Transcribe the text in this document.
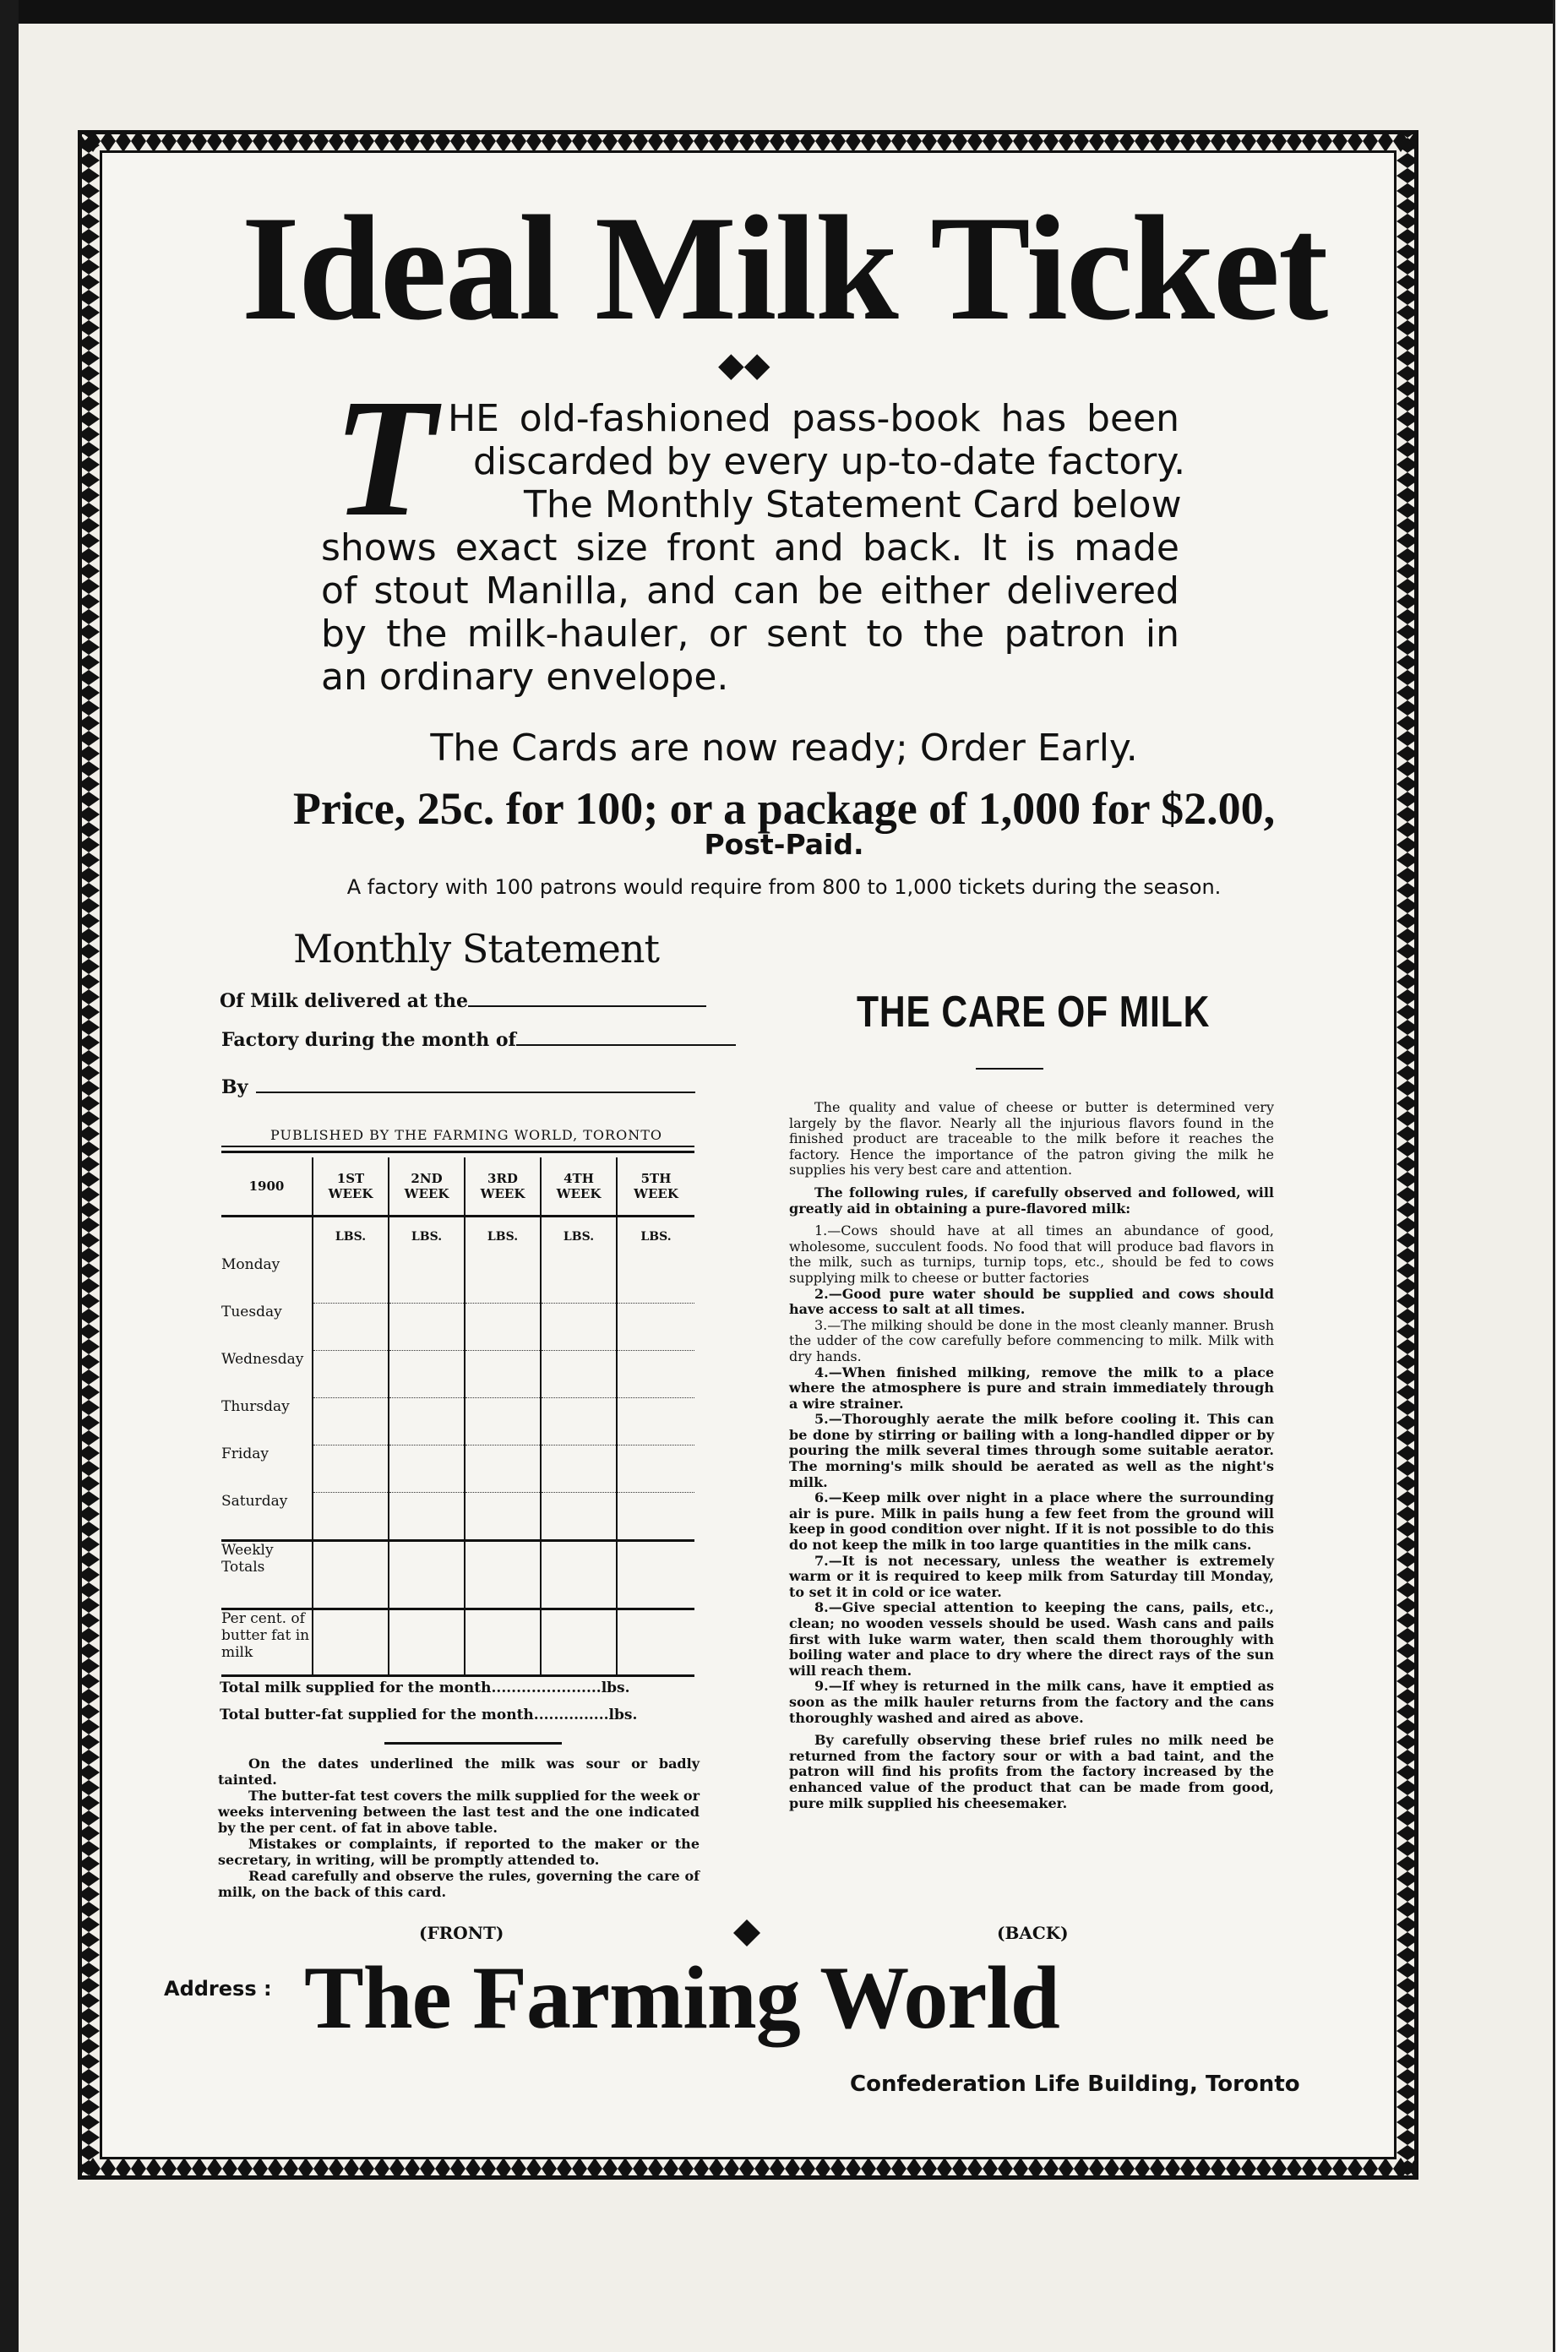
Ideal Milk Ticket
◆◆
T HE old-fashioned pass-book has been
discarded by every up-to-date factory.
The Monthly Statement Card below
shows exact size front and back. It is made
of stout Manilla, and can be either delivered
by the milk-hauler, or sent to the patron in
an ordinary envelope.
The Cards are now ready; Order Early.
Price, 25c. for 100; or a package of 1,000 for $2.00,
Post-Paid.
A factory with 100 patrons would require from 800 to 1,000 tickets during the season.
Monthly Statement
Of Milk delivered at the
Factory during the month of
By
PUBLISHED BY THE FARMING WORLD, TORONTO
1900	1ST WEEK	2ND WEEK	3RD WEEK	4TH WEEK	5TH WEEK
	LBS.	LBS.	LBS.	LBS.	LBS.
Monday					
Tuesday					
Wednesday					
Thursday					
Friday					
Saturday					
Weekly Totals					
Per cent. of butter fat in milk					
Total milk supplied for the month......................lbs.
Total butter-fat supplied for the month...............lbs.

On the dates underlined the milk was sour or badly tainted.

The butter-fat test covers the milk supplied for the week or weeks intervening between the last test and the one indicated by the per cent. of fat in above table.

Mistakes or complaints, if reported to the maker or the secretary, in writing, will be promptly attended to.

Read carefully and observe the rules, governing the care of milk, on the back of this card.

(FRONT)
THE CARE OF MILK

The quality and value of cheese or butter is determined very largely by the flavor. Nearly all the injurious flavors found in the finished product are traceable to the milk before it reaches the factory. Hence the importance of the patron giving the milk he supplies his very best care and attention.

The following rules, if carefully observed and followed, will greatly aid in obtaining a pure-flavored milk:

1.—Cows should have at all times an abundance of good, wholesome, succulent foods. No food that will produce bad flavors in the milk, such as turnips, turnip tops, etc., should be fed to cows supplying milk to cheese or butter factories

2.—Good pure water should be supplied and cows should have access to salt at all times.

3.—The milking should be done in the most cleanly manner. Brush the udder of the cow carefully before commencing to milk. Milk with dry hands.

4.—When finished milking, remove the milk to a place where the atmosphere is pure and strain immediately through a wire strainer.

5.—Thoroughly aerate the milk before cooling it. This can be done by stirring or bailing with a long-handled dipper or by pouring the milk several times through some suitable aerator. The morning's milk should be aerated as well as the night's milk.

6.—Keep milk over night in a place where the surrounding air is pure. Milk in pails hung a few feet from the ground will keep in good condition over night. If it is not possible to do this do not keep the milk in too large quantities in the milk cans.

7.—It is not necessary, unless the weather is extremely warm or it is required to keep milk from Saturday till Monday, to set it in cold or ice water.

8.—Give special attention to keeping the cans, pails, etc., clean; no wooden vessels should be used. Wash cans and pails first with luke warm water, then scald them thoroughly with boiling water and place to dry where the direct rays of the sun will reach them.

9.—If whey is returned in the milk cans, have it emptied as soon as the milk hauler returns from the factory and the cans thoroughly washed and aired as above.

By carefully observing these brief rules no milk need be returned from the factory sour or with a bad taint, and the patron will find his profits from the factory increased by the enhanced value of the product that can be made from good, pure milk supplied his cheesemaker.

(BACK)
Address : The Farming World
Confederation Life Building, Toronto
